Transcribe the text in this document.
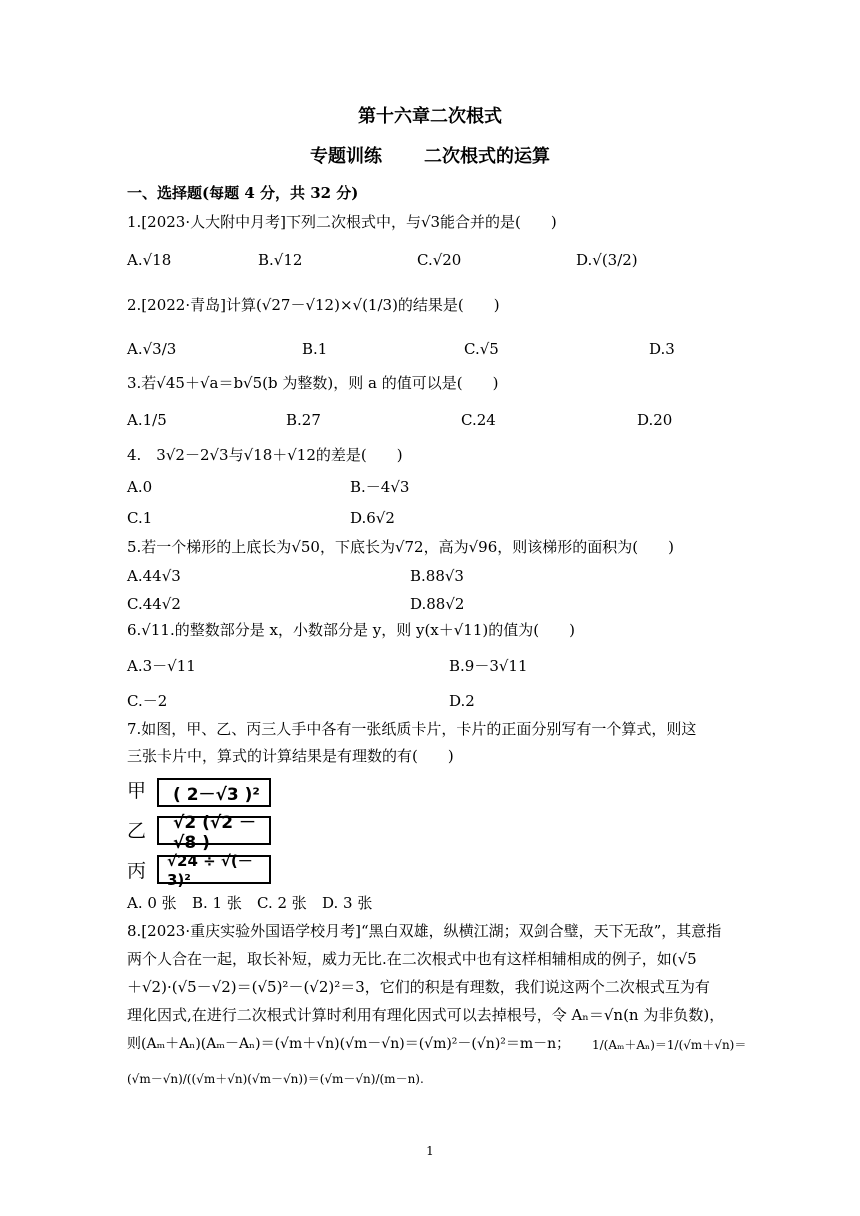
第十六章二次根式
专题训练 二次根式的运算
一、选择题(每题 4 分，共 32 分)
1.[2023·人大附中月考]下列二次根式中，与√3能合并的是(　　)
A.√18	B.√12	C.√20	D.√(3/2)
2.[2022·青岛]计算(√27－√12)×√(1/3)的结果是(　　)
A.√3/3	B.1	C.√5	D.3
3.若√45＋√a＝b√5(b 为整数)，则 a 的值可以是(　　)
A.1/5	B.27	C.24	D.20
4.　3√2－2√3与√18＋√12的差是(　　)
A.0	B.－4√3
C.1	D.6√2
5.若一个梯形的上底长为√50，下底长为√72，高为√96，则该梯形的面积为(　　)
A.44√3	B.88√3
C.44√2	D.88√2
6.√11.的整数部分是 x，小数部分是 y，则 y(x＋√11)的值为(　　)
A.3－√11	B.9－3√11
C.－2	D.2
7.如图，甲、乙、丙三人手中各有一张纸质卡片，卡片的正面分别写有一个算式，则这
三张卡片中，算式的计算结果是有理数的有(　　)
甲 ( 2－√3 )²
乙 √2 (√2 －√8 )
丙 √24 ÷ √(－3)²
A. 0 张 B. 1 张 C. 2 张 D. 3 张
8.[2023·重庆实验外国语学校月考]“黑白双雄，纵横江湖；双剑合璧，天下无敌”，其意指
两个人合在一起，取长补短，威力无比.在二次根式中也有这样相辅相成的例子，如(√5
＋√2)·(√5－√2)＝(√5)²－(√2)²＝3，它们的积是有理数，我们说这两个二次根式互为有
理化因式,在进行二次根式计算时利用有理化因式可以去掉根号，令 Aₙ＝√n(n 为非负数)，
则(Aₘ＋Aₙ)(Aₘ－Aₙ)＝(√m＋√n)(√m－√n)＝(√m)²－(√n)²＝m－n； 1/(Aₘ＋Aₙ)＝1/(√m＋√n)＝
(√m－√n)/((√m＋√n)(√m－√n))＝(√m－√n)/(m－n).
1
